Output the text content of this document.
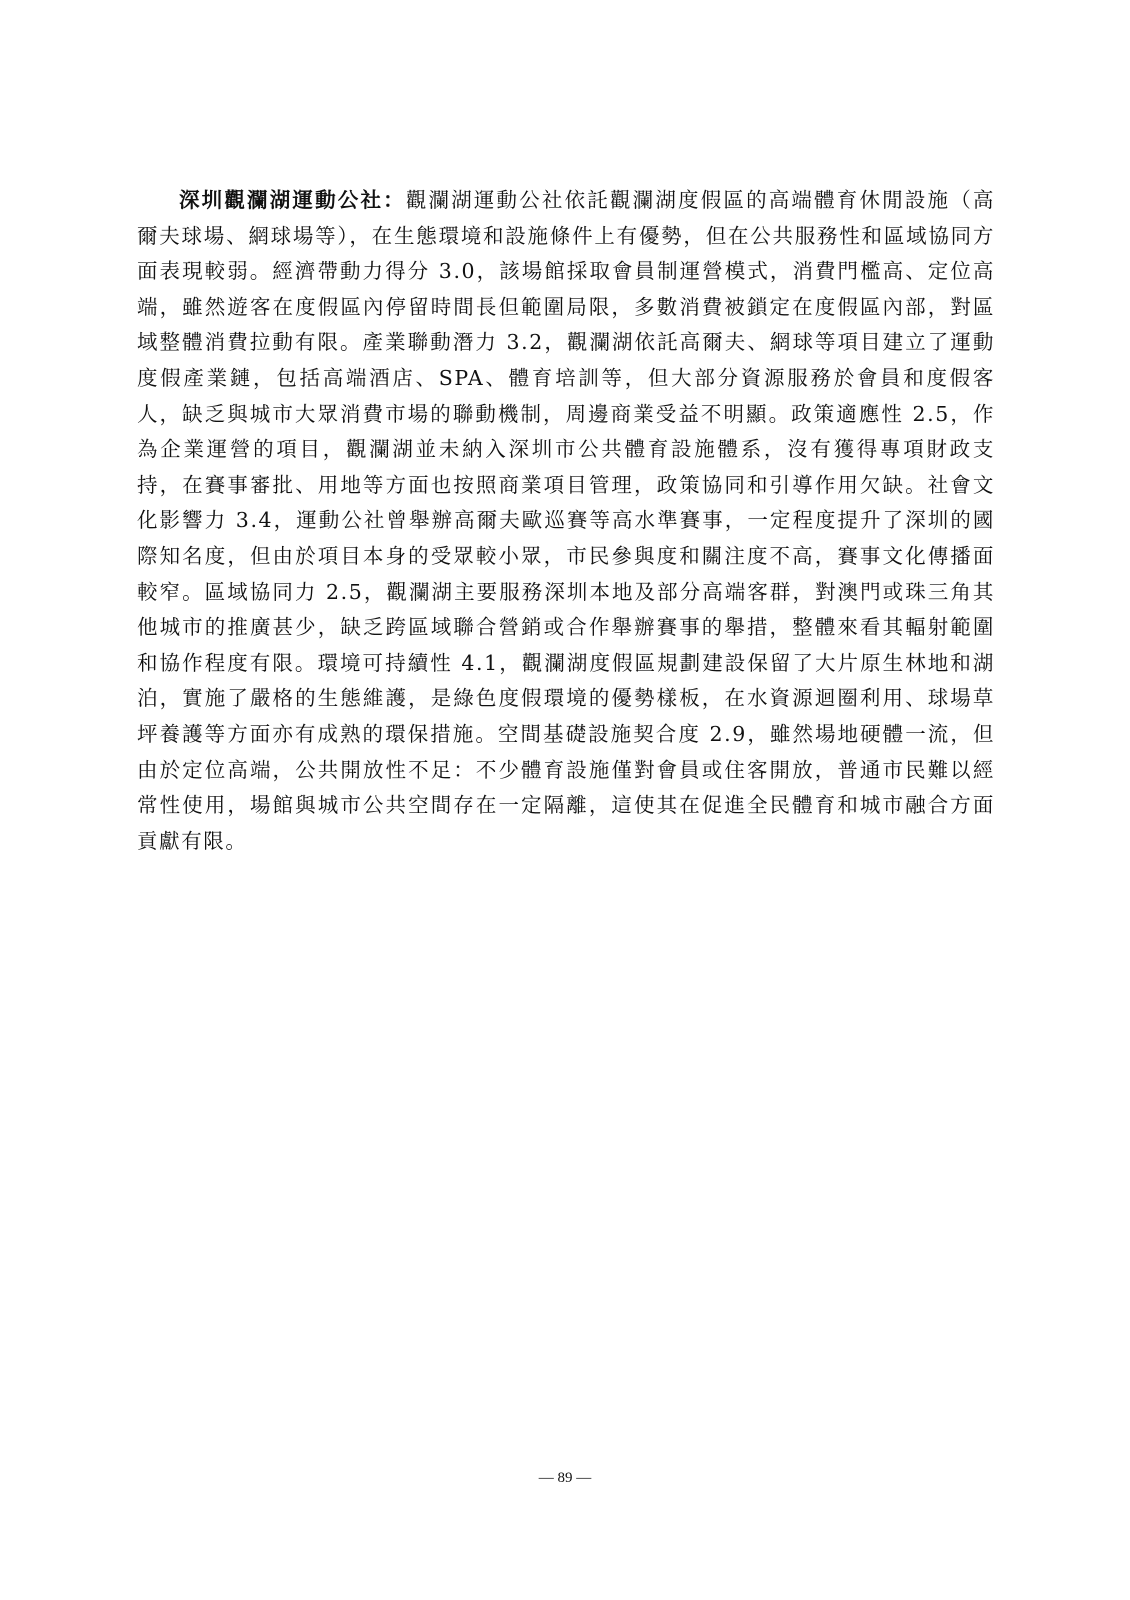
深圳觀瀾湖運動公社：觀瀾湖運動公社依託觀瀾湖度假區的高端體育休閒設施（高爾夫球場、網球場等），在生態環境和設施條件上有優勢，但在公共服務性和區域協同方面表現較弱。經濟帶動力得分 3.0，該場館採取會員制運營模式，消費門檻高、定位高端，雖然遊客在度假區內停留時間長但範圍局限，多數消費被鎖定在度假區內部，對區域整體消費拉動有限。產業聯動潛力 3.2，觀瀾湖依託高爾夫、網球等項目建立了運動度假產業鏈，包括高端酒店、SPA、體育培訓等，但大部分資源服務於會員和度假客人，缺乏與城市大眾消費市場的聯動機制，周邊商業受益不明顯。政策適應性 2.5，作為企業運營的項目，觀瀾湖並未納入深圳市公共體育設施體系，沒有獲得專項財政支持，在賽事審批、用地等方面也按照商業項目管理，政策協同和引導作用欠缺。社會文化影響力 3.4，運動公社曾舉辦高爾夫歐巡賽等高水準賽事，一定程度提升了深圳的國際知名度，但由於項目本身的受眾較小眾，市民參與度和關注度不高，賽事文化傳播面較窄。區域協同力 2.5，觀瀾湖主要服務深圳本地及部分高端客群，對澳門或珠三角其他城市的推廣甚少，缺乏跨區域聯合營銷或合作舉辦賽事的舉措，整體來看其輻射範圍和協作程度有限。環境可持續性 4.1，觀瀾湖度假區規劃建設保留了大片原生林地和湖泊，實施了嚴格的生態維護，是綠色度假環境的優勢樣板，在水資源迴圈利用、球場草坪養護等方面亦有成熟的環保措施。空間基礎設施契合度 2.9，雖然場地硬體一流，但由於定位高端，公共開放性不足：不少體育設施僅對會員或住客開放，普通市民難以經常性使用，場館與城市公共空間存在一定隔離，這使其在促進全民體育和城市融合方面貢獻有限。

— 89 —
